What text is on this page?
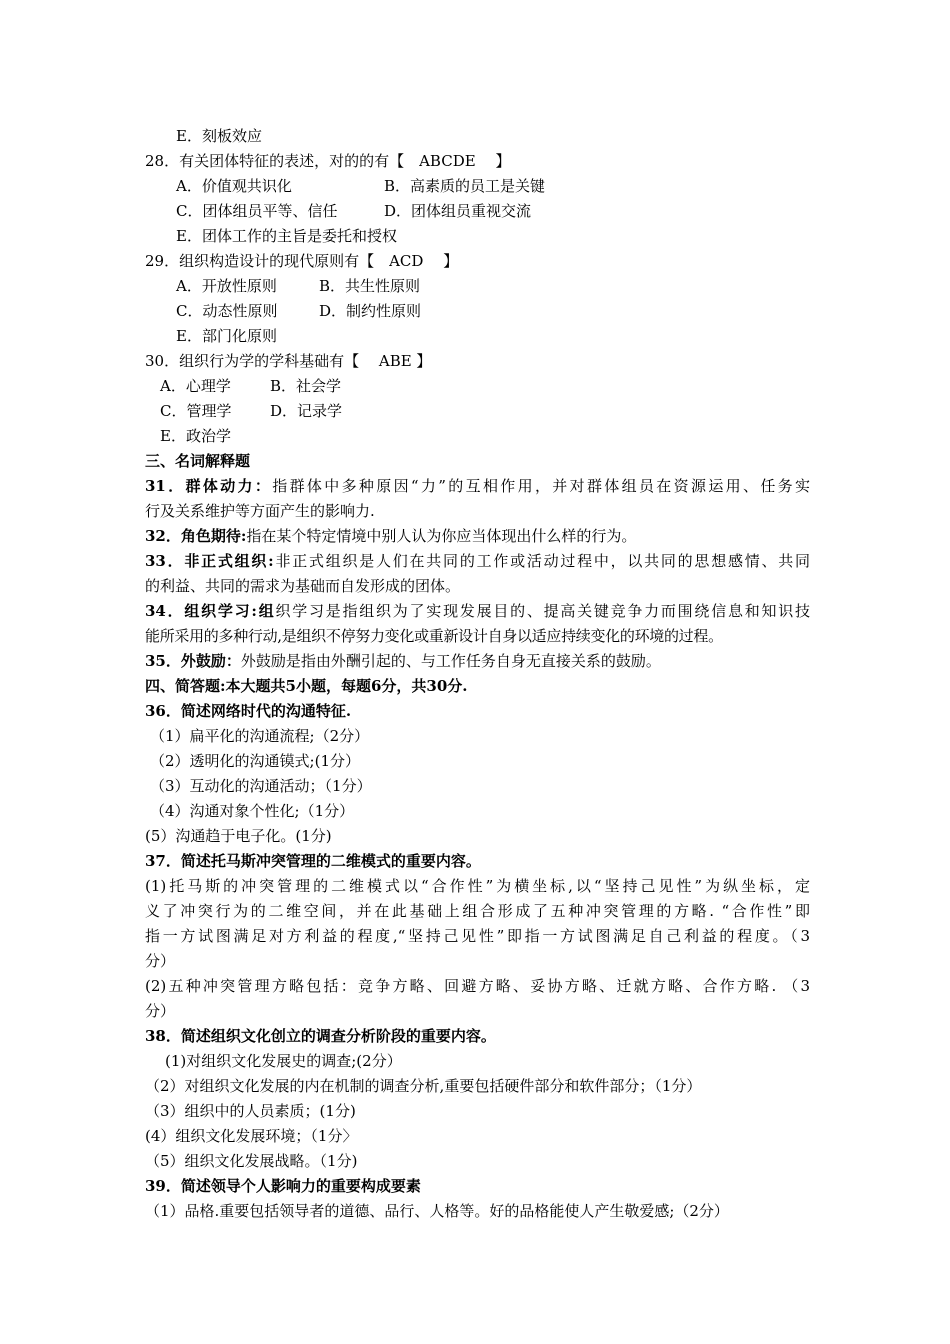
E．刻板效应
28．有关团体特征的表述，对的的有【　ABCDE　 】
A．价值观共识化	B．高素质的员工是关键
C．团体组员平等、信任	D．团体组员重视交流
E．团体工作的主旨是委托和授权
29．组织构造设计的现代原则有【　ACD　 】
A．开放性原则	B．共生性原则
C．动态性原则	D．制约性原则
E．部门化原则
30．组织行为学的学科基础有【 　ABE 】
A．心理学	B．社会学
C．管理学	D．记录学
E．政治学
三、名词解释题
31．群体动力：指群体中多种原因“力”的互相作用，并对群体组员在资源运用、任务实
行及关系维护等方面产生的影响力.
32．角色期待:指在某个特定情境中别人认为你应当体现出什么样的行为。
33．非正式组织:非正式组织是人们在共同的工作或活动过程中，以共同的思想感情、共同
的利益、共同的需求为基础而自发形成的团体。
34．组织学习:组织学习是指组织为了实现发展目的、提高关键竞争力而围绕信息和知识技
能所采用的多种行动,是组织不停努力变化或重新设计自身以适应持续变化的环境的过程。
35．外鼓励：外鼓励是指由外酬引起的、与工作任务自身无直接关系的鼓励。
四、简答题:本大题共5小题，每题6分，共30分.
36．简述网络时代的沟通特征.
（1）扁平化的沟通流程;（2分）
（2）透明化的沟通镆式;(1分）
（3）互动化的沟通活动；（1分）
（4）沟通对象个性化;（1分）
(5）沟通趋于电子化。(1分)
37．简述托马斯冲突管理的二维模式的重要内容。
(1)托马斯的冲突管理的二维模式以“合作性”为横坐标,以“坚持己见性”为纵坐标，定
义了冲突行为的二维空间，并在此基础上组合形成了五种冲突管理的方略. “合作性”即
指一方试图满足对方利益的程度,“坚持己见性”即指一方试图满足自己利益的程度。（3
分）
(2)五种冲突管理方略包括：竞争方略、回避方略、妥协方略、迁就方略、合作方略. （3
分）
38．简述组织文化创立的调查分析阶段的重要内容。
(1)对组织文化发展史的调查;(2分）
（2）对组织文化发展的内在机制的调查分析,重要包括硬件部分和软件部分；（1分）
（3）组织中的人员素质；(1分)
(4）组织文化发展环境；（1分〉
（5）组织文化发展战略。（1分)
39．简述领导个人影响力的重要构成要素
（1）品格.重要包括领导者的道德、品行、人格等。好的品格能使人产生敬爱感;（2分）
